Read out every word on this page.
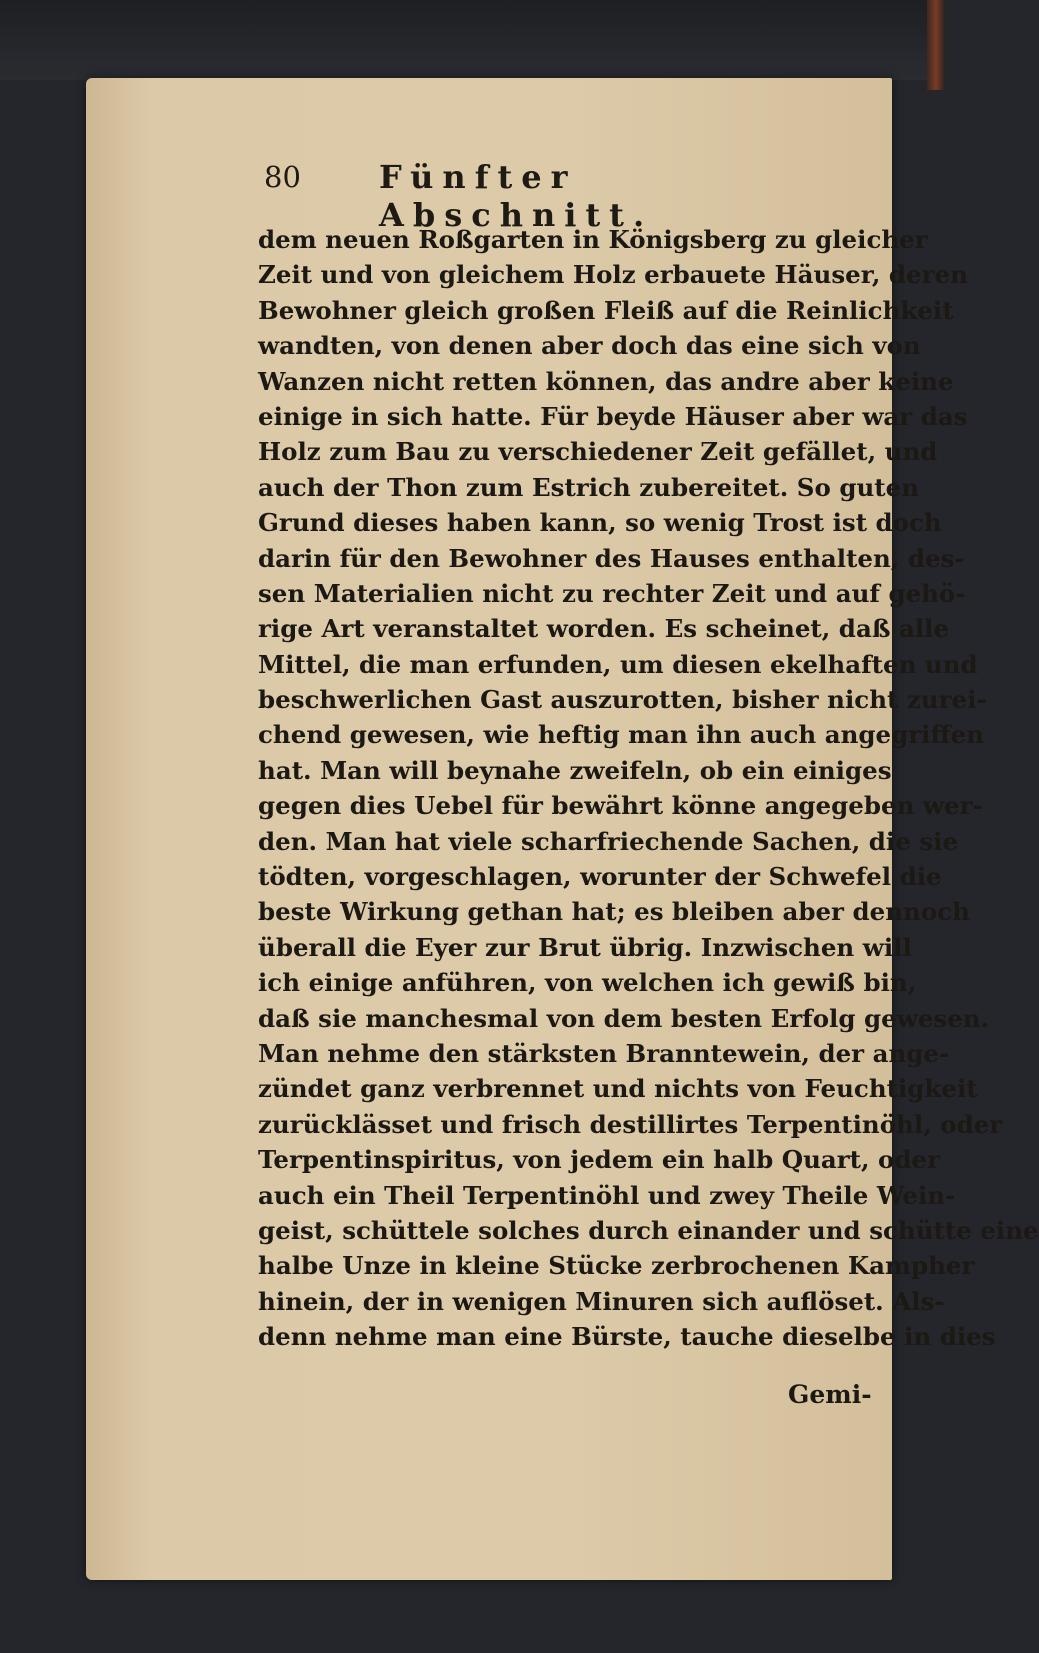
80 Fünfter Abschnitt.
dem neuen Roßgarten in Königsberg zu gleicher
Zeit und von gleichem Holz erbauete Häuser, deren
Bewohner gleich großen Fleiß auf die Reinlichkeit
wandten, von denen aber doch das eine sich von
Wanzen nicht retten können, das andre aber keine
einige in sich hatte. Für beyde Häuser aber war das
Holz zum Bau zu verschiedener Zeit gefället, und
auch der Thon zum Estrich zubereitet. So guten
Grund dieses haben kann, so wenig Trost ist doch
darin für den Bewohner des Hauses enthalten, des-
sen Materialien nicht zu rechter Zeit und auf gehö-
rige Art veranstaltet worden. Es scheinet, daß alle
Mittel, die man erfunden, um diesen ekelhaften und
beschwerlichen Gast auszurotten, bisher nicht zurei-
chend gewesen, wie heftig man ihn auch angegriffen
hat. Man will beynahe zweifeln, ob ein einiges
gegen dies Uebel für bewährt könne angegeben wer-
den. Man hat viele scharfriechende Sachen, die sie
tödten, vorgeschlagen, worunter der Schwefel die
beste Wirkung gethan hat; es bleiben aber dennoch
überall die Eyer zur Brut übrig. Inzwischen will
ich einige anführen, von welchen ich gewiß bin,
daß sie manchesmal von dem besten Erfolg gewesen.
Man nehme den stärksten Branntewein, der ange-
zündet ganz verbrennet und nichts von Feuchtigkeit
zurücklässet und frisch destillirtes Terpentinöhl, oder
Terpentinspiritus, von jedem ein halb Quart, oder
auch ein Theil Terpentinöhl und zwey Theile Wein-
geist, schüttele solches durch einander und schütte eine
halbe Unze in kleine Stücke zerbrochenen Kampher
hinein, der in wenigen Minuren sich auflöset. Als-
denn nehme man eine Bürste, tauche dieselbe in dies
Gemi-
